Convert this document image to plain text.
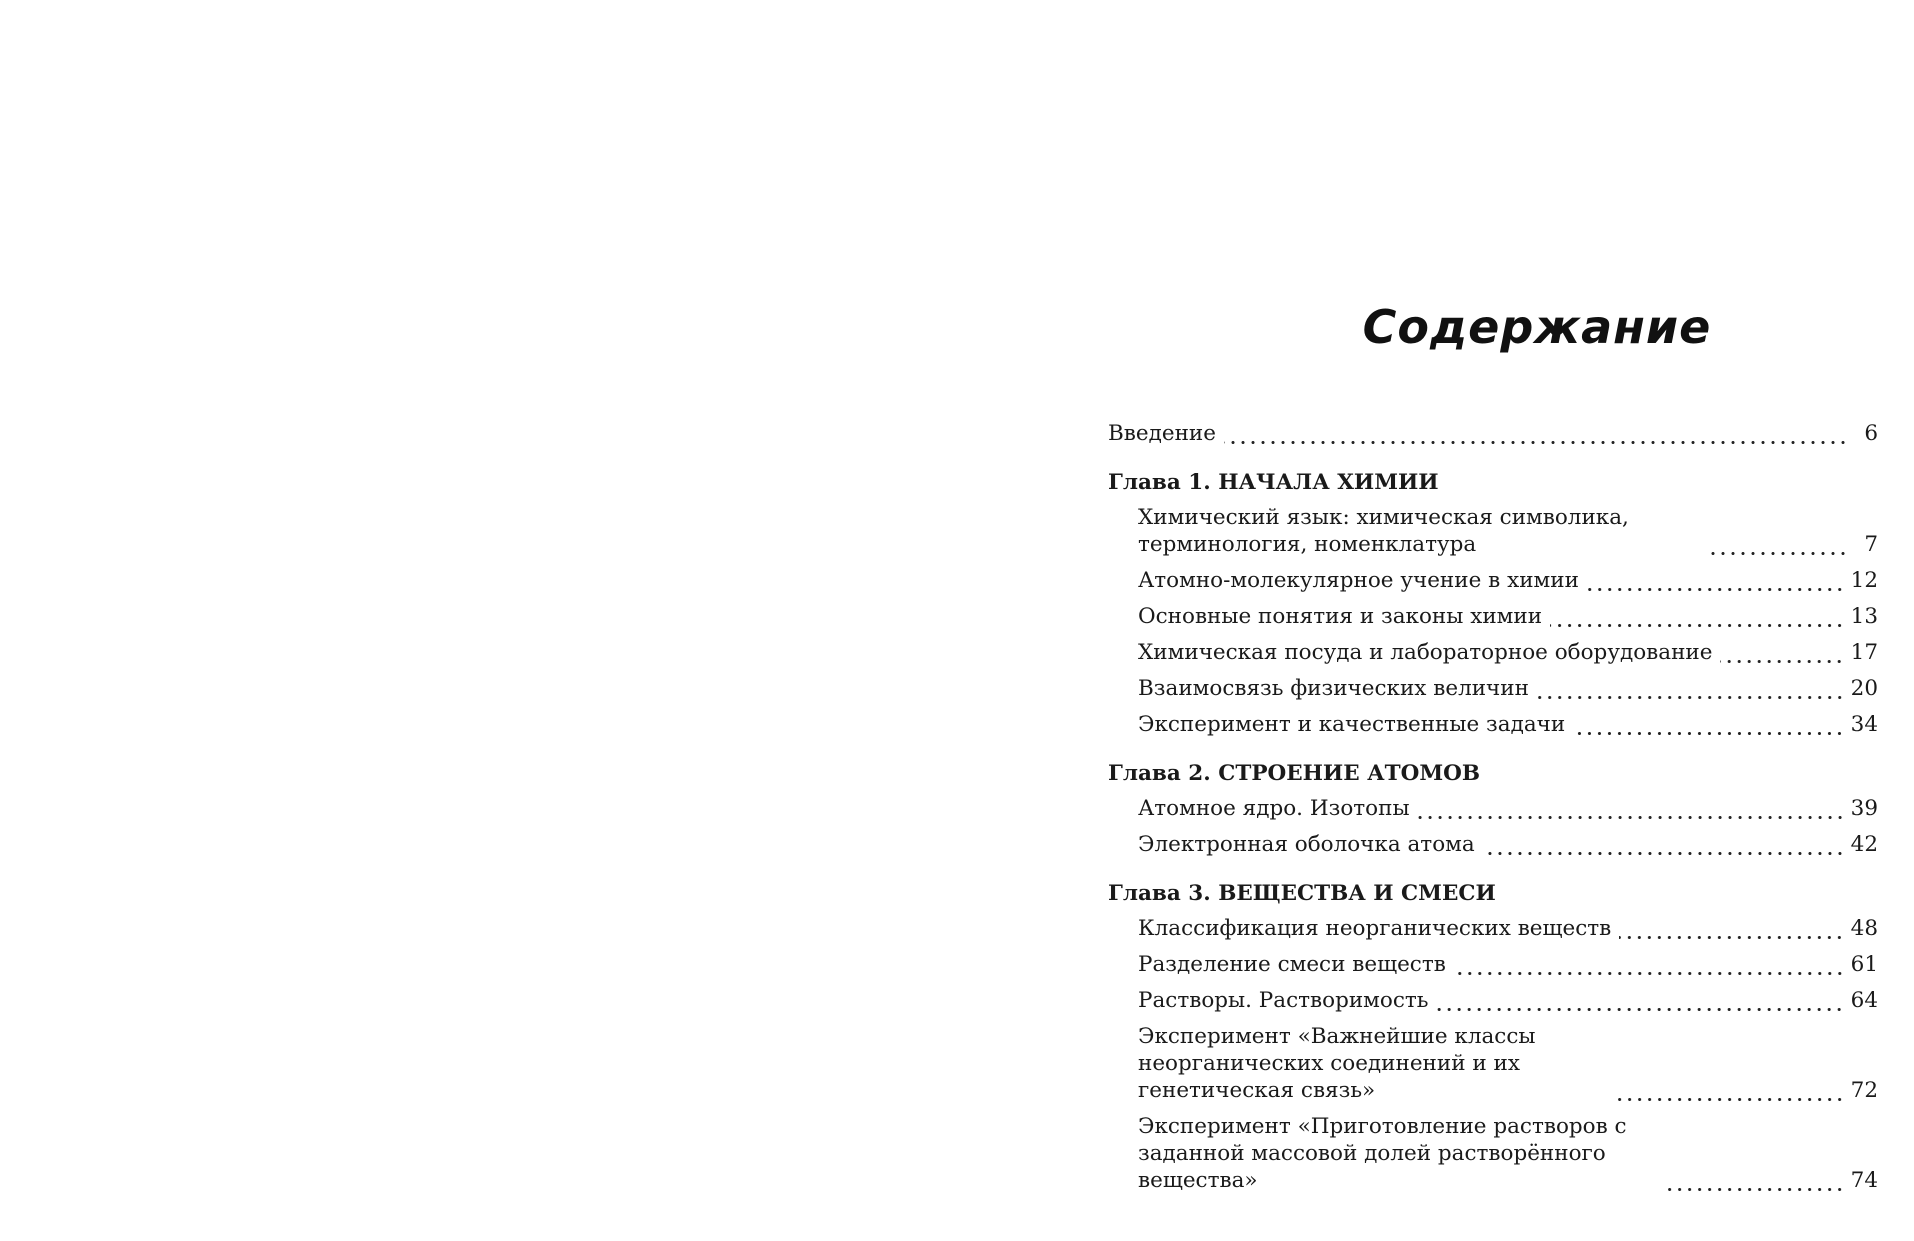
Содержание
Введение	6
Глава 1. НАЧАЛА ХИМИИ
Химический язык: химическая символика, терминология, номенклатура	7
Атомно-молекулярное учение в химии	12
Основные понятия и законы химии	13
Химическая посуда и лабораторное оборудование	17
Взаимосвязь физических величин	20
Эксперимент и качественные задачи	34
Глава 2. СТРОЕНИЕ АТОМОВ
Атомное ядро. Изотопы	39
Электронная оболочка атома	42
Глава 3. ВЕЩЕСТВА И СМЕСИ
Классификация неорганических веществ	48
Разделение смеси веществ	61
Растворы. Растворимость	64
Эксперимент «Важнейшие классы неорганических соединений и их генетическая связь»	72
Эксперимент «Приготовление растворов с заданной массовой долей растворённого вещества»	74
